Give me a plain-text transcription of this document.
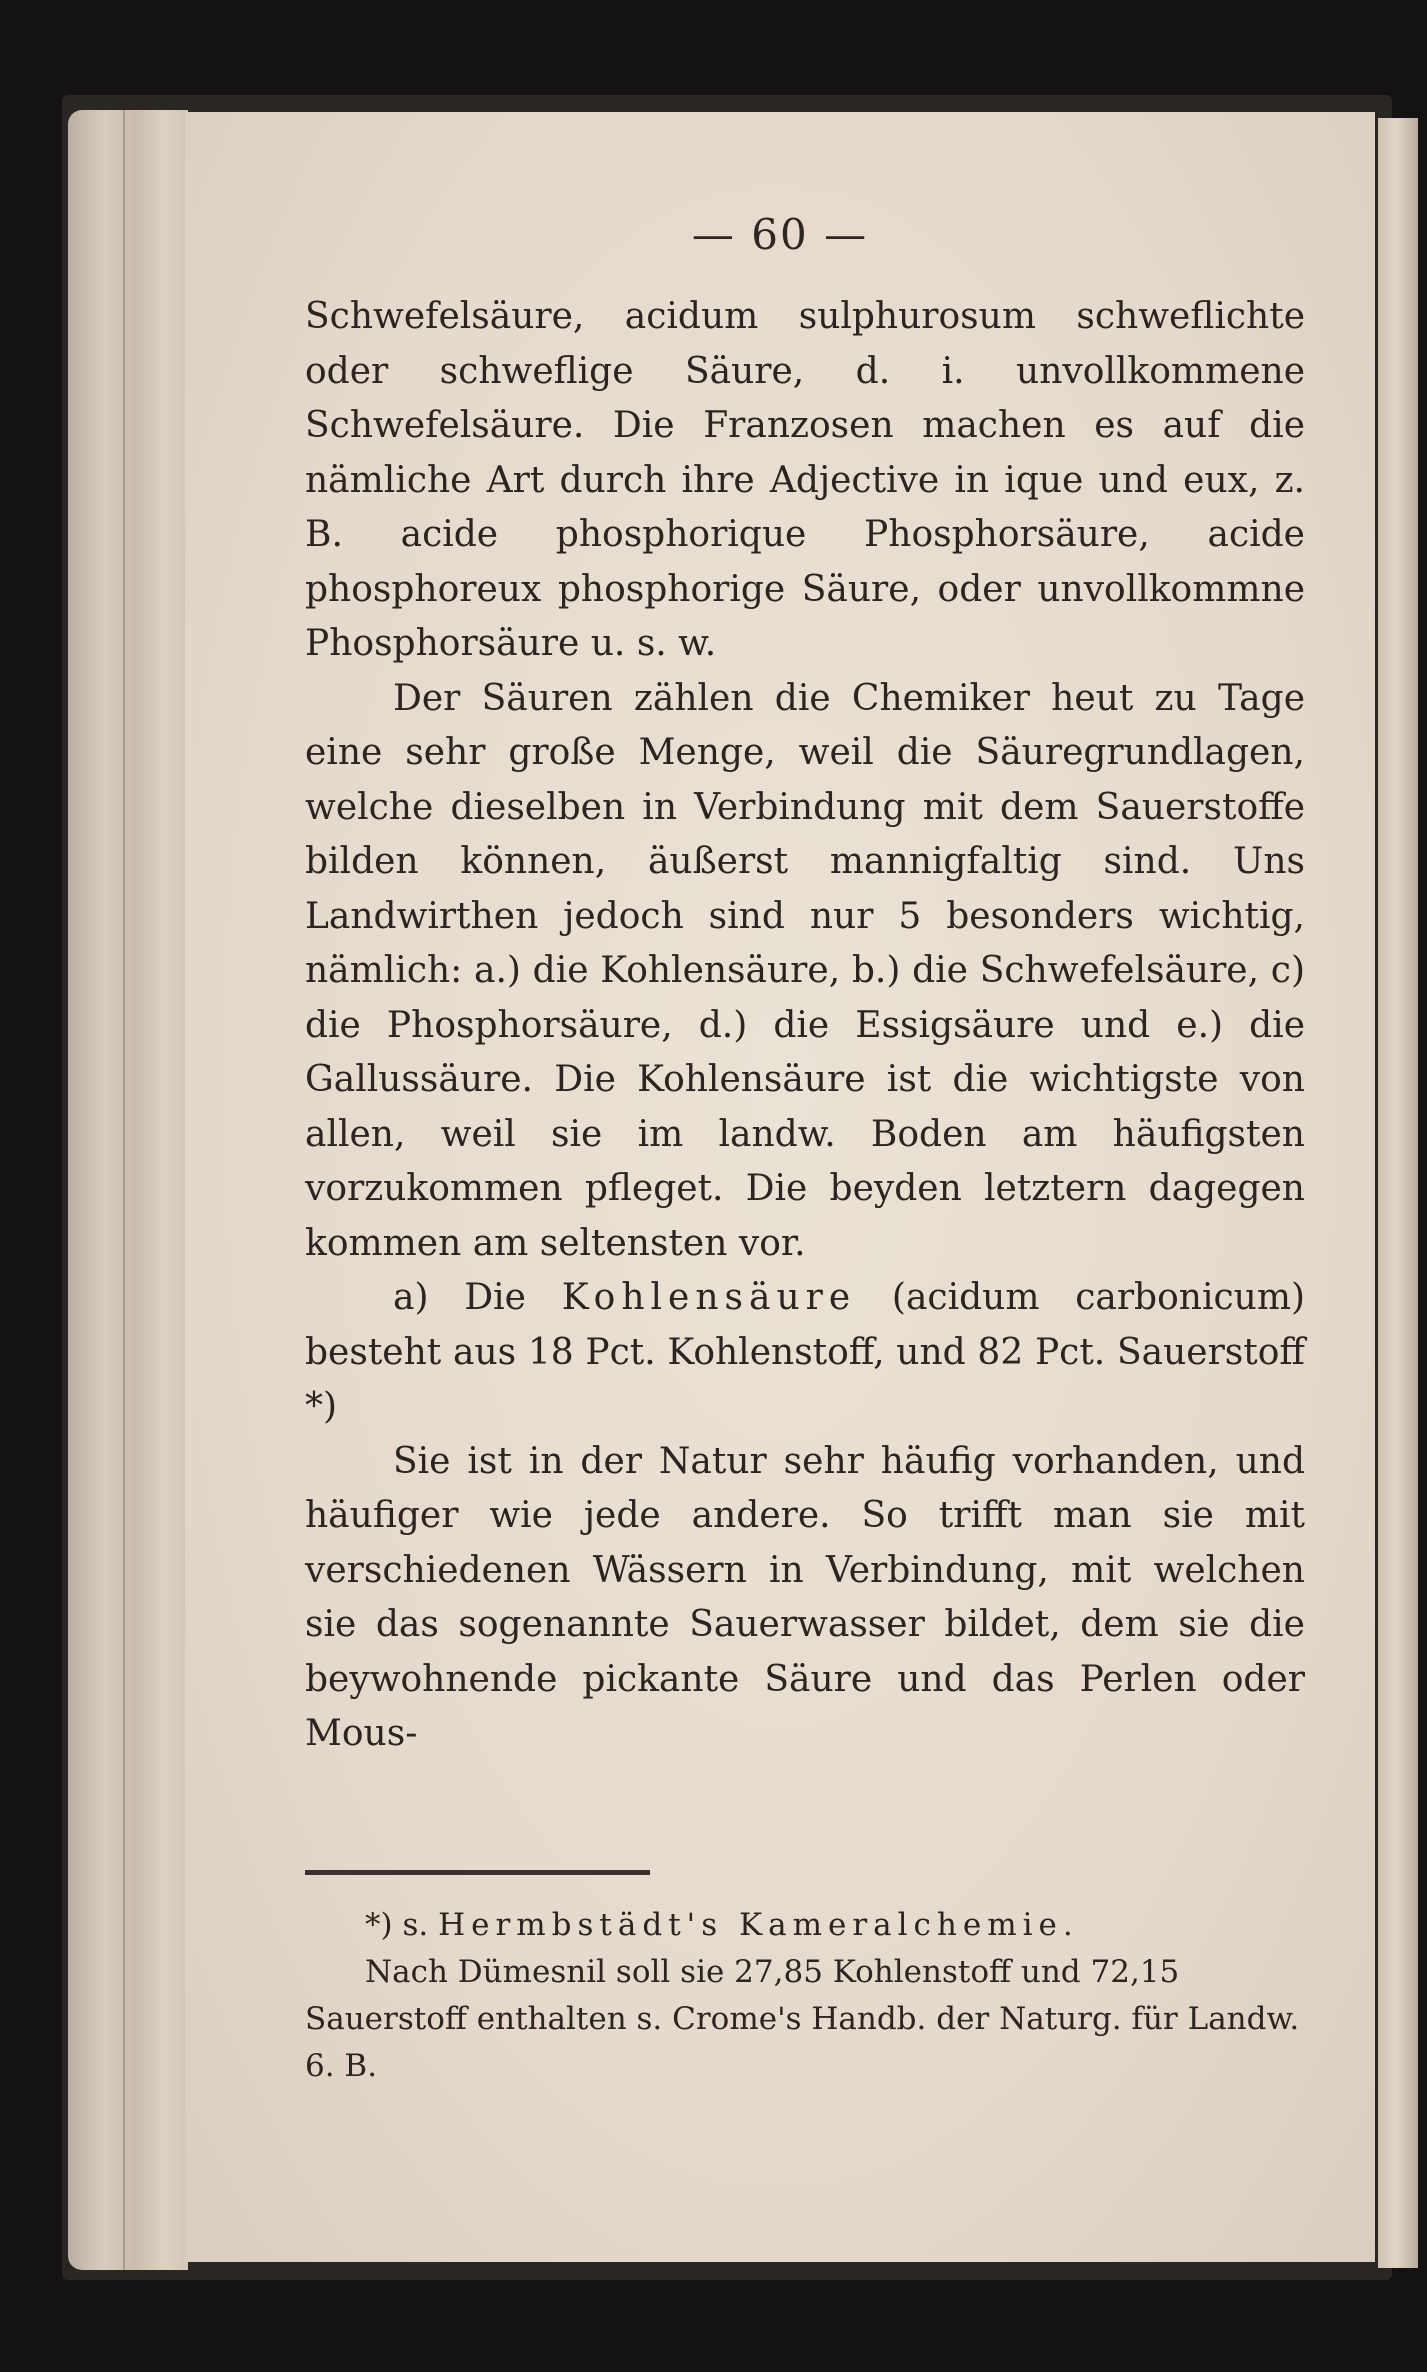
— 60 —

Schwefelsäure, acidum sulphurosum schweflichte oder schweflige Säure, d. i. unvollkommene Schwefelsäure. Die Franzosen machen es auf die nämliche Art durch ihre Adjective in ique und eux, z. B. acide phosphorique Phosphorsäure, acide phosphoreux phosphorige Säure, oder unvollkommne Phosphorsäure u. s. w.

Der Säuren zählen die Chemiker heut zu Tage eine sehr große Menge, weil die Säuregrundlagen, welche dieselben in Verbindung mit dem Sauerstoffe bilden können, äußerst mannigfaltig sind. Uns Landwirthen jedoch sind nur 5 besonders wichtig, nämlich: a.) die Kohlensäure, b.) die Schwefelsäure, c) die Phosphorsäure, d.) die Essigsäure und e.) die Gallussäure. Die Kohlensäure ist die wichtigste von allen, weil sie im landw. Boden am häufigsten vorzukommen pfleget. Die beyden letztern dagegen kommen am seltensten vor.

a) Die Kohlensäure (acidum carbonicum) besteht aus 18 Pct. Kohlenstoff, und 82 Pct. Sauerstoff *)

Sie ist in der Natur sehr häufig vorhanden, und häufiger wie jede andere. So trifft man sie mit verschiedenen Wässern in Verbindung, mit welchen sie das sogenannte Sauerwasser bildet, dem sie die beywohnende pickante Säure und das Perlen oder Mous-

*) s. Hermbstädt's Kameralchemie.

Nach Dümesnil soll sie 27,85 Kohlenstoff und 72,15 Sauerstoff enthalten s. Crome's Handb. der Naturg. für Landw. 6. B.
